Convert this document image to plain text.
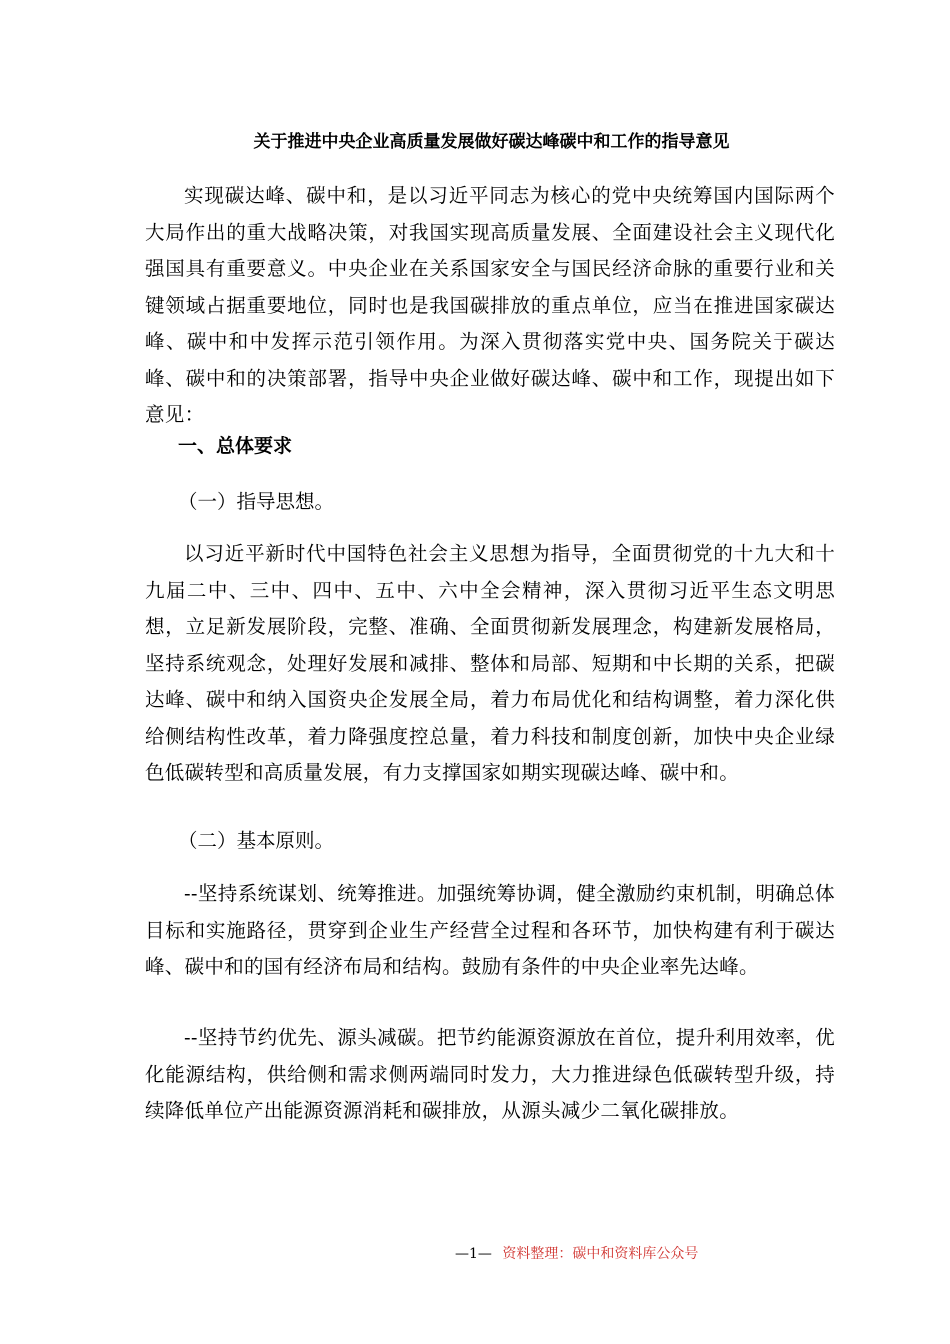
关于推进中央企业高质量发展做好碳达峰碳中和工作的指导意见

实现碳达峰、碳中和，是以习近平同志为核心的党中央统筹国内国际两个大局作出的重大战略决策，对我国实现高质量发展、全面建设社会主义现代化强国具有重要意义。中央企业在关系国家安全与国民经济命脉的重要行业和关键领域占据重要地位，同时也是我国碳排放的重点单位，应当在推进国家碳达峰、碳中和中发挥示范引领作用。为深入贯彻落实党中央、国务院关于碳达峰、碳中和的决策部署，指导中央企业做好碳达峰、碳中和工作，现提出如下意见：

一、总体要求

（一）指导思想。

以习近平新时代中国特色社会主义思想为指导，全面贯彻党的十九大和十九届二中、三中、四中、五中、六中全会精神，深入贯彻习近平生态文明思想，立足新发展阶段，完整、准确、全面贯彻新发展理念，构建新发展格局，坚持系统观念，处理好发展和减排、整体和局部、短期和中长期的关系，把碳达峰、碳中和纳入国资央企发展全局，着力布局优化和结构调整，着力深化供给侧结构性改革，着力降强度控总量，着力科技和制度创新，加快中央企业绿色低碳转型和高质量发展，有力支撑国家如期实现碳达峰、碳中和。

（二）基本原则。

--坚持系统谋划、统筹推进。加强统筹协调，健全激励约束机制，明确总体目标和实施路径，贯穿到企业生产经营全过程和各环节，加快构建有利于碳达峰、碳中和的国有经济布局和结构。鼓励有条件的中央企业率先达峰。

--坚持节约优先、源头减碳。把节约能源资源放在首位，提升利用效率，优化能源结构，供给侧和需求侧两端同时发力，大力推进绿色低碳转型升级，持续降低单位产出能源资源消耗和碳排放，从源头减少二氧化碳排放。

—1— 资料整理：碳中和资料库公众号
